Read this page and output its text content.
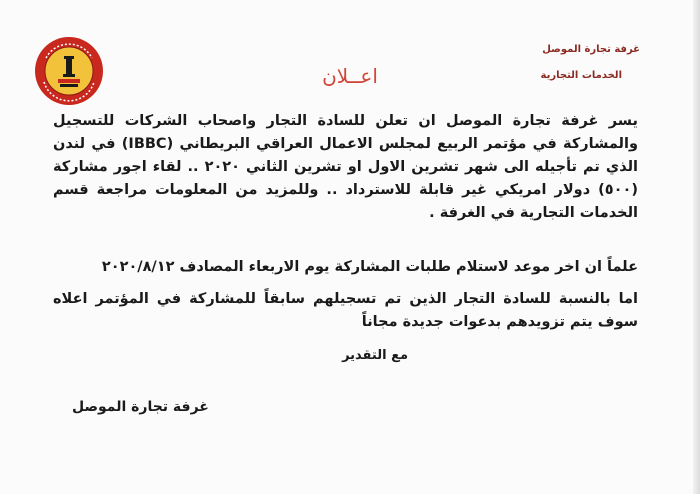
غرفة تجارة الموصل
الخدمات التجارية
اعــلان
يسر غرفة تجارة الموصل ان تعلن للسادة التجار واصحاب الشركات للتسجيل والمشاركة في مؤتمر الربيع لمجلس الاعمال العراقي البريطاني (IBBC) في لندن الذي تم تأجيله الى شهر تشرين الاول او تشرين الثاني ٢٠٢٠ .. لقاء اجور مشاركة (٥٠٠) دولار امريكي غير قابلة للاسترداد .. وللمزيد من المعلومات مراجعة قسم الخدمات التجارية في الغرفة .
علماً ان اخر موعد لاستلام طلبات المشاركة يوم الاربعاء المصادف ٢٠٢٠/٨/١٢
اما بالنسبة للسادة التجار الذين تم تسجيلهم سابقاً للمشاركة في المؤتمر اعلاه سوف يتم تزويدهم بدعوات جديدة مجاناً
مع التقدير
غرفة تجارة الموصل
